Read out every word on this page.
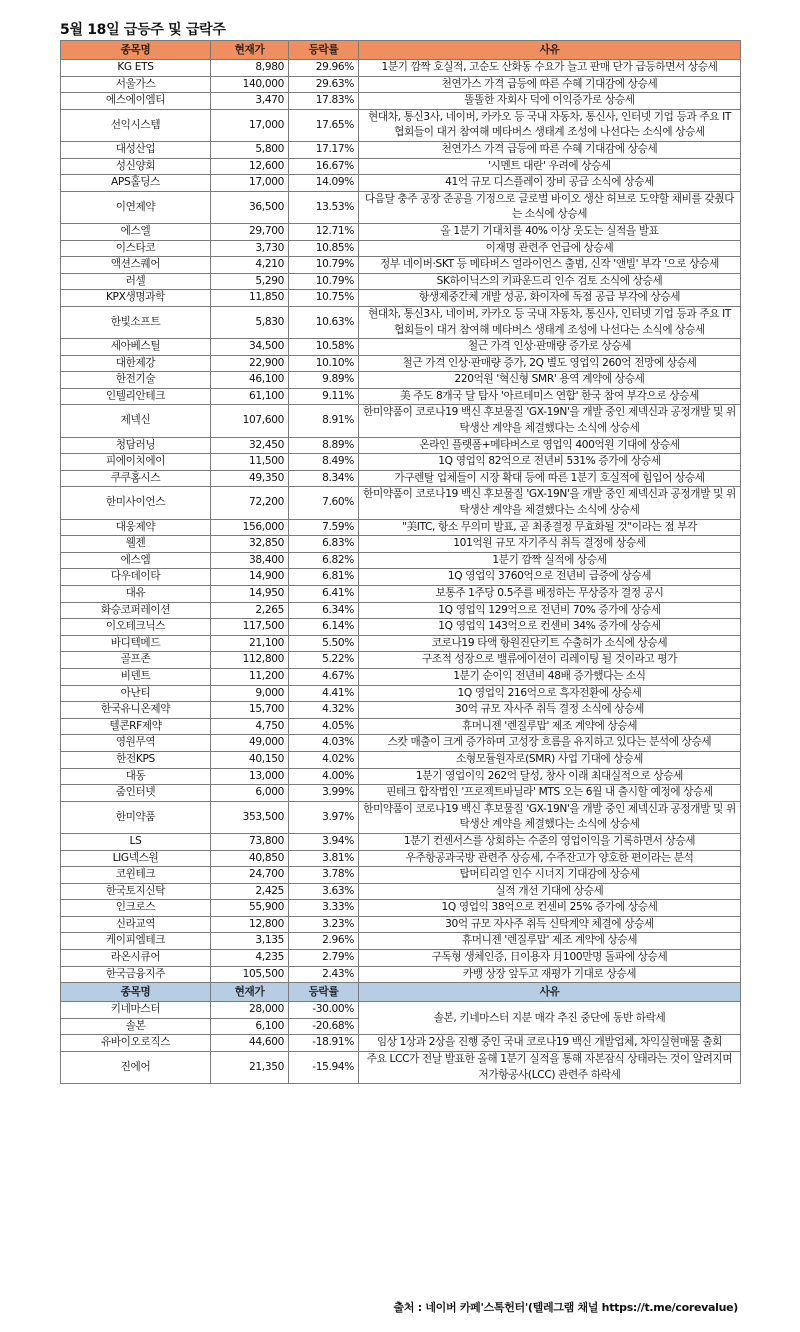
5월 18일 급등주 및 급락주
종목명	현재가	등락률	사유
KG ETS	8,980	29.96%	1분기 깜짝 호실적, 고순도 산화동 수요가 늘고 판매 단가 급등하면서 상승세
서울가스	140,000	29.63%	천연가스 가격 급등에 따른 수혜 기대감에 상승세
에스에이엠티	3,470	17.83%	똘똘한 자회사 덕에 이익증가로 상승세
선익시스템	17,000	17.65%	현대차, 통신3사, 네이버, 카카오 등 국내 자동차, 통신사, 인터넷 기업 등과 주요 IT 협회들이 대거 참여해 메타버스 생태계 조성에 나선다는 소식에 상승세
대성산업	5,800	17.17%	천연가스 가격 급등에 따른 수혜 기대감에 상승세
성신양회	12,600	16.67%	'시멘트 대란' 우려에 상승세
APS홀딩스	17,000	14.09%	41억 규모 디스플레이 장비 공급 소식에 상승세
이연제약	36,500	13.53%	다음달 충주 공장 준공을 기정으로 글로벌 바이오 생산 허브로 도약할 채비를 갖췄다는 소식에 상승세
에스엘	29,700	12.71%	올 1분기 기대치를 40% 이상 웃도는 실적을 발표
이스타코	3,730	10.85%	이재명 관련주 언급에 상승세
액션스퀘어	4,210	10.79%	정부 네이버·SKT 등 메타버스 얼라이언스 출범, 신작 '앤빌' 부각 '으로 상승세
러셀	5,290	10.79%	SK하이닉스의 키파운드리 인수 검토 소식에 상승세
KPX생명과학	11,850	10.75%	항생제중간체 개발 성공, 화이자에 독점 공급 부각에 상승세
한빛소프트	5,830	10.63%	현대차, 통신3사, 네이버, 카카오 등 국내 자동차, 통신사, 인터넷 기업 등과 주요 IT 협회들이 대거 참여해 메타버스 생태계 조성에 나선다는 소식에 상승세
세아베스틸	34,500	10.58%	철근 가격 인상·판매량 증가로 상승세
대한제강	22,900	10.10%	철근 가격 인상·판매량 증가, 2Q 별도 영업익 260억 전망에 상승세
한전기술	46,100	9.89%	220억원 '혁신형 SMR' 용역 계약에 상승세
인텔리안테크	61,100	9.11%	美 주도 8개국 달 탐사 '아르테미스 연합' 한국 참여 부각으로 상승세
제넥신	107,600	8.91%	한미약품이 코로나19 백신 후보물질 'GX-19N'을 개발 중인 제넥신과 공정개발 및 위탁생산 계약을 체결했다는 소식에 상승세
청담러닝	32,450	8.89%	온라인 플랫폼+메타버스로 영업익 400억원 기대에 상승세
피에이치에이	11,500	8.49%	1Q 영업익 82억으로 전년비 531% 증가에 상승세
쿠쿠홈시스	49,350	8.34%	가구렌탈 업체들이 시장 확대 등에 따른 1분기 호실적에 힘입어 상승세
한미사이언스	72,200	7.60%	한미약품이 코로나19 백신 후보물질 'GX-19N'을 개발 중인 제넥신과 공정개발 및 위탁생산 계약을 체결했다는 소식에 상승세
대웅제약	156,000	7.59%	"美ITC, 항소 무의미 발표, 곧 최종결정 무효화될 것"이라는 점 부각
웰젠	32,850	6.83%	101억원 규모 자기주식 취득 결정에 상승세
에스엠	38,400	6.82%	1분기 깜짝 실적에 상승세
다우데이타	14,900	6.81%	1Q 영업익 3760억으로 전년비 급증에 상승세
대유	14,950	6.41%	보통주 1주당 0.5주를 배정하는 무상증자 결정 공시
화승코퍼레이션	2,265	6.34%	1Q 영업익 129억으로 전년비 70% 증가에 상승세
이오테크닉스	117,500	6.14%	1Q 영업익 143억으로 컨센비 34% 증가에 상승세
바디텍메드	21,100	5.50%	코로나19 타액 항원진단키트 수출허가 소식에 상승세
골프존	112,800	5.22%	구조적 성장으로 밸류에이션이 리레이팅 될 것이라고 평가
비덴트	11,200	4.67%	1분기 순이익 전년비 48배 증가했다는 소식
아난티	9,000	4.41%	1Q 영업익 216억으로 흑자전환에 상승세
한국유니온제약	15,700	4.32%	30억 규모 자사주 취득 결정 소식에 상승세
텔콘RF제약	4,750	4.05%	휴머니젠 '렌질루맙' 제조 계약에 상승세
영원무역	49,000	4.03%	스캇 매출이 크게 증가하며 고성장 흐름을 유지하고 있다는 분석에 상승세
한전KPS	40,150	4.02%	소형모듈원자로(SMR) 사업 기대에 상승세
대동	13,000	4.00%	1분기 영업이익 262억 달성, 창사 이래 최대실적으로 상승세
줌인터넷	6,000	3.99%	핀테크 합작법인 '프로젝트바닐라' MTS 오는 6월 내 출시할 예정에 상승세
한미약품	353,500	3.97%	한미약품이 코로나19 백신 후보물질 'GX-19N'을 개발 중인 제넥신과 공정개발 및 위탁생산 계약을 체결했다는 소식에 상승세
LS	73,800	3.94%	1분기 컨센서스를 상회하는 수준의 영업이익을 기록하면서 상승세
LIG넥스원	40,850	3.81%	우주항공과국방 관련주 상승세, 수주잔고가 양호한 편이라는 분석
코윈테크	24,700	3.78%	탑머티리얼 인수 시너지 기대감에 상승세
한국토지신탁	2,425	3.63%	실적 개선 기대에 상승세
인크로스	55,900	3.33%	1Q 영업익 38억으로 컨센비 25% 증가에 상승세
신라교역	12,800	3.23%	30억 규모 자사주 취득 신탁계약 체결에 상승세
케이피엠테크	3,135	2.96%	휴머니젠 '렌질루맙' 제조 계약에 상승세
라온시큐어	4,235	2.79%	구독형 생체인증, 日이용자 月100만명 돌파에 상승세
한국금융지주	105,500	2.43%	카뱅 상장 앞두고 재평가 기대로 상승세
종목명	현재가	등락률	사유
키네마스터	28,000	-30.00%	솔본, 키네마스터 지분 매각 추진 중단에 동반 하락세
솔본	6,100	-20.68%	
유바이오로직스	44,600	-18.91%	임상 1상과 2상을 진행 중인 국내 코로나19 백신 개발업체, 차익실현매물 출회
진에어	21,350	-15.94%	주요 LCC가 전날 발표한 올해 1분기 실적을 통해 자본잠식 상태라는 것이 알려지며 저가항공사(LCC) 관련주 하락세
출처 : 네이버 카페'스톡헌터'(텔레그램 채널 https://t.me/corevalue)
